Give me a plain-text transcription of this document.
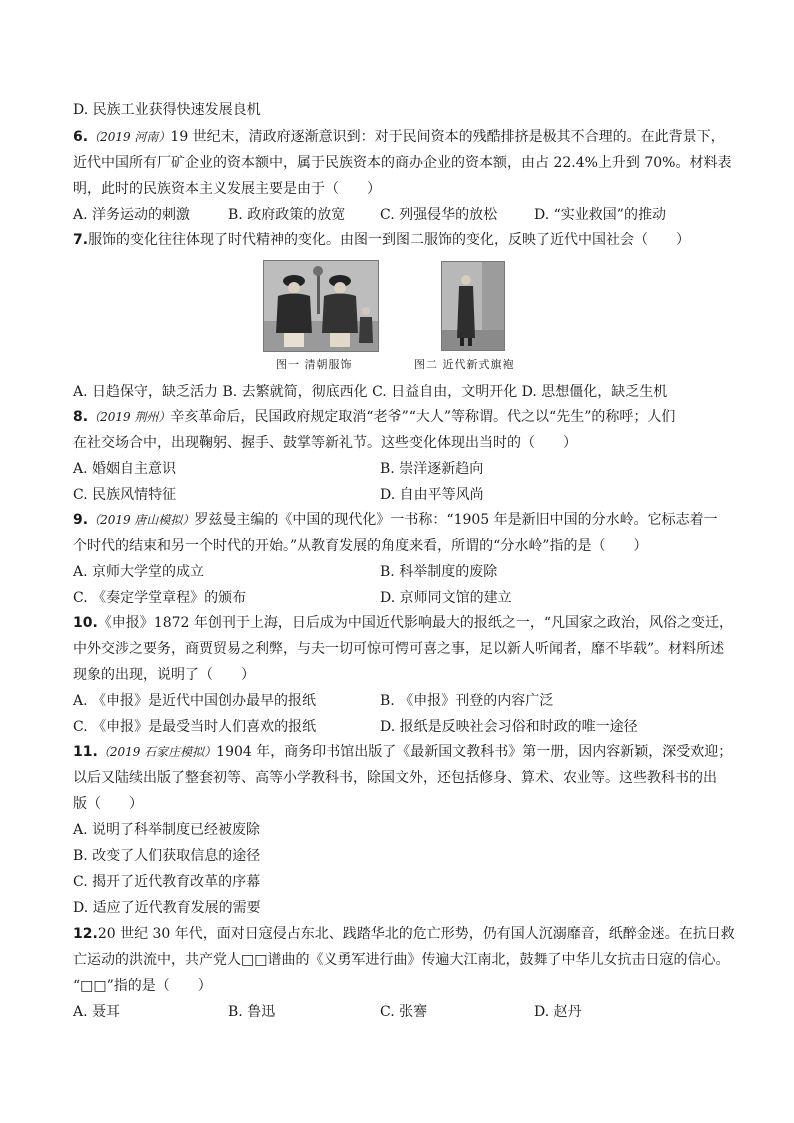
D. 民族工业获得快速发展良机
6.（2019 河南）19 世纪末，清政府逐渐意识到：对于民间资本的残酷排挤是极其不合理的。在此背景下，
近代中国所有厂矿企业的资本额中，属于民族资本的商办企业的资本额，由占 22.4%上升到 70%。材料表
明，此时的民族资本主义发展主要是由于（　　）
A. 洋务运动的刺激	B. 政府政策的放宽 C. 列强侵华的放松	D. “实业救国”的推动
7.服饰的变化往往体现了时代精神的变化。由图一到图二服饰的变化，反映了近代中国社会（　　）
图一 清朝服饰	图二 近代新式旗袍
A. 日趋保守，缺乏活力 B. 去繁就简，彻底西化 C. 日益自由，文明开化 D. 思想僵化，缺乏生机
8.（2019 荆州）辛亥革命后，民国政府规定取消“老爷”“大人”等称谓。代之以“先生”的称呼；人们
在社交场合中，出现鞠躬、握手、鼓掌等新礼节。这些变化体现出当时的（　　）
A. 婚姻自主意识	B. 崇洋逐新趋向
C. 民族风情特征	D. 自由平等风尚
9.（2019 唐山模拟）罗兹曼主编的《中国的现代化》一书称：“1905 年是新旧中国的分水岭。它标志着一
个时代的结束和另一个时代的开始。”从教育发展的角度来看，所谓的“分水岭”指的是（　　）
A. 京师大学堂的成立	B. 科举制度的废除
C. 《奏定学堂章程》的颁布	D. 京师同文馆的建立
10.《申报》1872 年创刊于上海，日后成为中国近代影响最大的报纸之一，“凡国家之政治，风俗之变迁，
中外交涉之要务，商贾贸易之利弊，与夫一切可惊可愕可喜之事，足以新人听闻者，靡不毕载”。材料所述
现象的出现，说明了（　　）
A. 《申报》是近代中国创办最早的报纸	B. 《申报》刊登的内容广泛
C. 《申报》是最受当时人们喜欢的报纸	D. 报纸是反映社会习俗和时政的唯一途径
11.（2019 石家庄模拟）1904 年，商务印书馆出版了《最新国文教科书》第一册，因内容新颖，深受欢迎；
以后又陆续出版了整套初等、高等小学教科书，除国文外，还包括修身、算术、农业等。这些教科书的出
版（　　）
A. 说明了科举制度已经被废除
B. 改变了人们获取信息的途径
C. 揭开了近代教育改革的序幕
D. 适应了近代教育发展的需要
12.20 世纪 30 年代，面对日寇侵占东北、践踏华北的危亡形势，仍有国人沉溺靡音，纸醉金迷。在抗日救
亡运动的洪流中，共产党人□□谱曲的《义勇军进行曲》传遍大江南北，鼓舞了中华儿女抗击日寇的信心。
“□□”指的是（　　）
A. 聂耳	B. 鲁迅	C. 张謇	D. 赵丹
